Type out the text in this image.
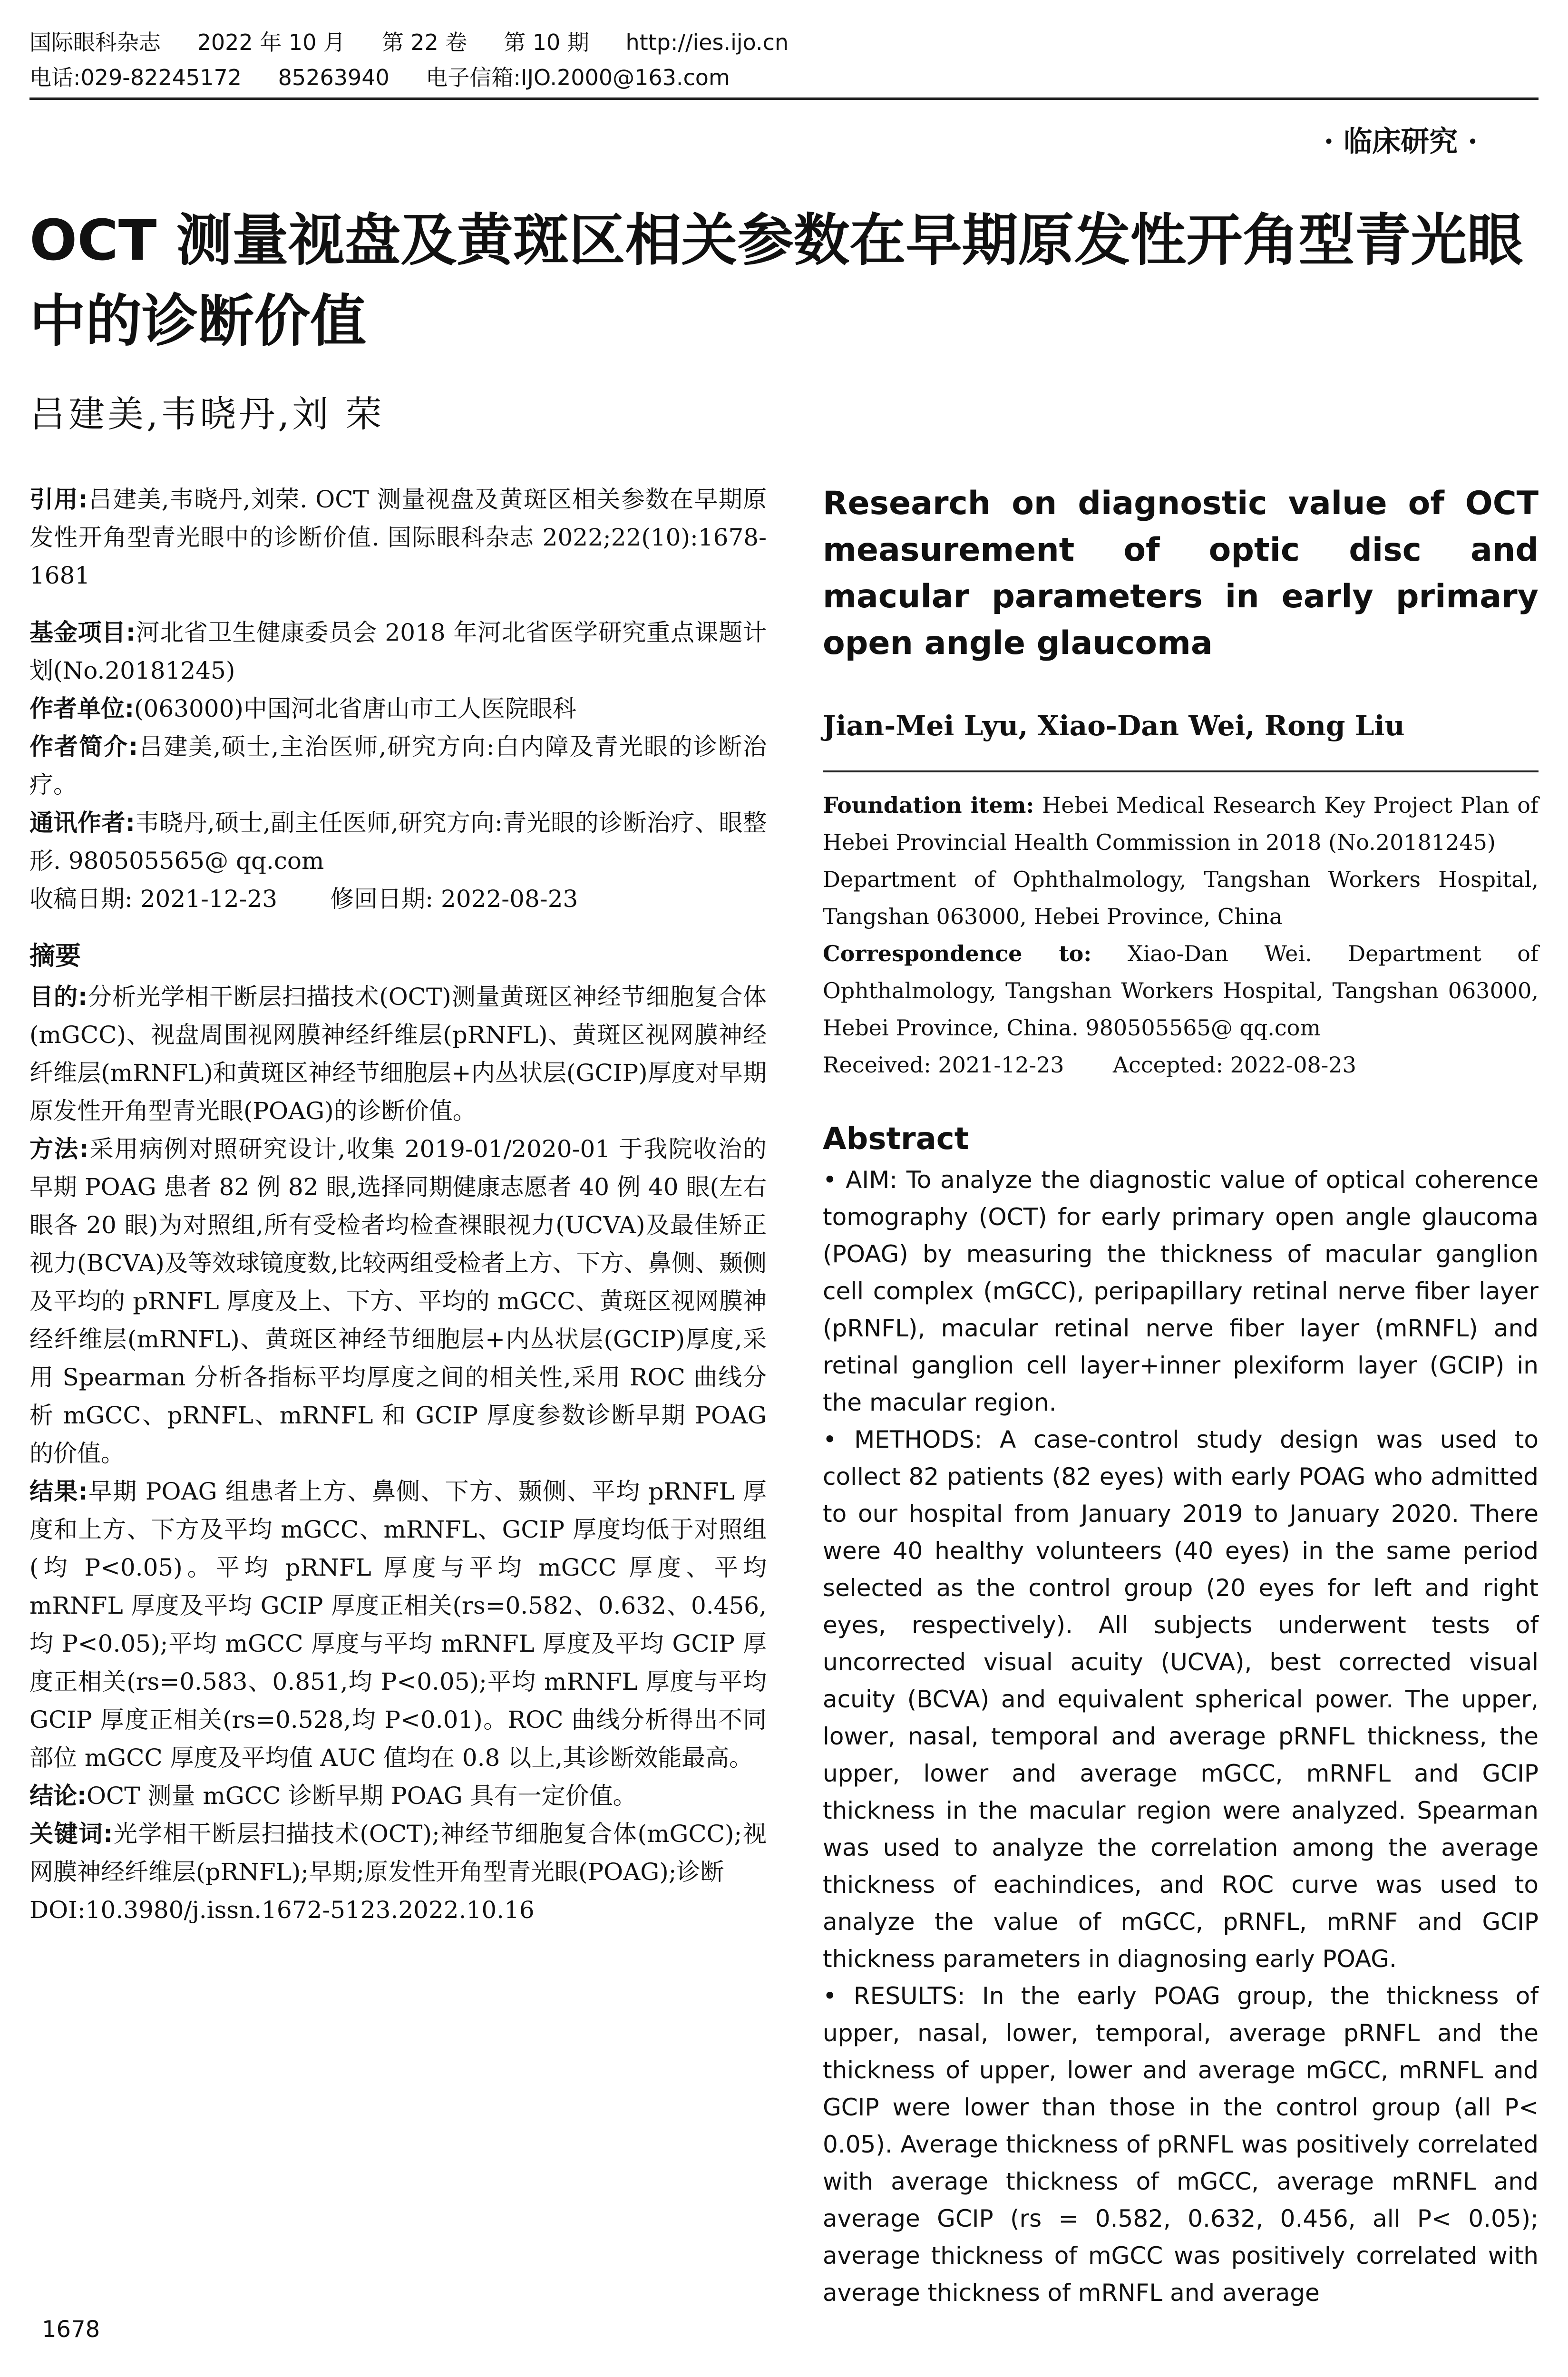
国际眼科杂志 2022 年 10 月 第 22 卷 第 10 期 http://ies.ijo.cn
电话:029-82245172 85263940 电子信箱:IJO.2000@163.com
· 临床研究 ·
OCT 测量视盘及黄斑区相关参数在早期原发性开角型青光眼中的诊断价值
吕建美,韦晓丹,刘 荣

引用:吕建美,韦晓丹,刘荣. OCT 测量视盘及黄斑区相关参数在早期原发性开角型青光眼中的诊断价值. 国际眼科杂志 2022;22(10):1678-1681

基金项目:河北省卫生健康委员会 2018 年河北省医学研究重点课题计划(No.20181245)

作者单位:(063000)中国河北省唐山市工人医院眼科

作者简介:吕建美,硕士,主治医师,研究方向:白内障及青光眼的诊断治疗。

通讯作者:韦晓丹,硕士,副主任医师,研究方向:青光眼的诊断治疗、眼整形. 980505565@ qq.com

收稿日期: 2021-12-23 修回日期: 2022-08-23

摘要

目的:分析光学相干断层扫描技术(OCT)测量黄斑区神经节细胞复合体(mGCC)、视盘周围视网膜神经纤维层(pRNFL)、黄斑区视网膜神经纤维层(mRNFL)和黄斑区神经节细胞层+内丛状层(GCIP)厚度对早期原发性开角型青光眼(POAG)的诊断价值。

方法:采用病例对照研究设计,收集 2019-01/2020-01 于我院收治的早期 POAG 患者 82 例 82 眼,选择同期健康志愿者 40 例 40 眼(左右眼各 20 眼)为对照组,所有受检者均检查裸眼视力(UCVA)及最佳矫正视力(BCVA)及等效球镜度数,比较两组受检者上方、下方、鼻侧、颞侧及平均的 pRNFL 厚度及上、下方、平均的 mGCC、黄斑区视网膜神经纤维层(mRNFL)、黄斑区神经节细胞层+内丛状层(GCIP)厚度,采用 Spearman 分析各指标平均厚度之间的相关性,采用 ROC 曲线分析 mGCC、pRNFL、mRNFL 和 GCIP 厚度参数诊断早期 POAG 的价值。

结果:早期 POAG 组患者上方、鼻侧、下方、颞侧、平均 pRNFL 厚度和上方、下方及平均 mGCC、mRNFL、GCIP 厚度均低于对照组(均 P<0.05)。平均 pRNFL 厚度与平均 mGCC 厚度、平均 mRNFL 厚度及平均 GCIP 厚度正相关(rs=0.582、0.632、0.456,均 P<0.05);平均 mGCC 厚度与平均 mRNFL 厚度及平均 GCIP 厚度正相关(rs=0.583、0.851,均 P<0.05);平均 mRNFL 厚度与平均 GCIP 厚度正相关(rs=0.528,均 P<0.01)。ROC 曲线分析得出不同部位 mGCC 厚度及平均值 AUC 值均在 0.8 以上,其诊断效能最高。

结论:OCT 测量 mGCC 诊断早期 POAG 具有一定价值。

关键词:光学相干断层扫描技术(OCT);神经节细胞复合体(mGCC);视网膜神经纤维层(pRNFL);早期;原发性开角型青光眼(POAG);诊断

DOI:10.3980/j.issn.1672-5123.2022.10.16

Research on diagnostic value of OCT measurement of optic disc and macular parameters in early primary open angle glaucoma
Jian-Mei Lyu, Xiao-Dan Wei, Rong Liu

Foundation item: Hebei Medical Research Key Project Plan of Hebei Provincial Health Commission in 2018 (No.20181245)

Department of Ophthalmology, Tangshan Workers Hospital, Tangshan 063000, Hebei Province, China

Correspondence to: Xiao-Dan Wei. Department of Ophthalmology, Tangshan Workers Hospital, Tangshan 063000, Hebei Province, China. 980505565@ qq.com

Received: 2021-12-23 Accepted: 2022-08-23

Abstract

• AIM: To analyze the diagnostic value of optical coherence tomography (OCT) for early primary open angle glaucoma (POAG) by measuring the thickness of macular ganglion cell complex (mGCC), peripapillary retinal nerve fiber layer (pRNFL), macular retinal nerve fiber layer (mRNFL) and retinal ganglion cell layer+inner plexiform layer (GCIP) in the macular region.

• METHODS: A case-control study design was used to collect 82 patients (82 eyes) with early POAG who admitted to our hospital from January 2019 to January 2020. There were 40 healthy volunteers (40 eyes) in the same period selected as the control group (20 eyes for left and right eyes, respectively). All subjects underwent tests of uncorrected visual acuity (UCVA), best corrected visual acuity (BCVA) and equivalent spherical power. The upper, lower, nasal, temporal and average pRNFL thickness, the upper, lower and average mGCC, mRNFL and GCIP thickness in the macular region were analyzed. Spearman was used to analyze the correlation among the average thickness of eachindices, and ROC curve was used to analyze the value of mGCC, pRNFL, mRNF and GCIP thickness parameters in diagnosing early POAG.

• RESULTS: In the early POAG group, the thickness of upper, nasal, lower, temporal, average pRNFL and the thickness of upper, lower and average mGCC, mRNFL and GCIP were lower than those in the control group (all P< 0.05). Average thickness of pRNFL was positively correlated with average thickness of mGCC, average mRNFL and average GCIP (rs = 0.582, 0.632, 0.456, all P< 0.05); average thickness of mGCC was positively correlated with average thickness of mRNFL and average

1678
